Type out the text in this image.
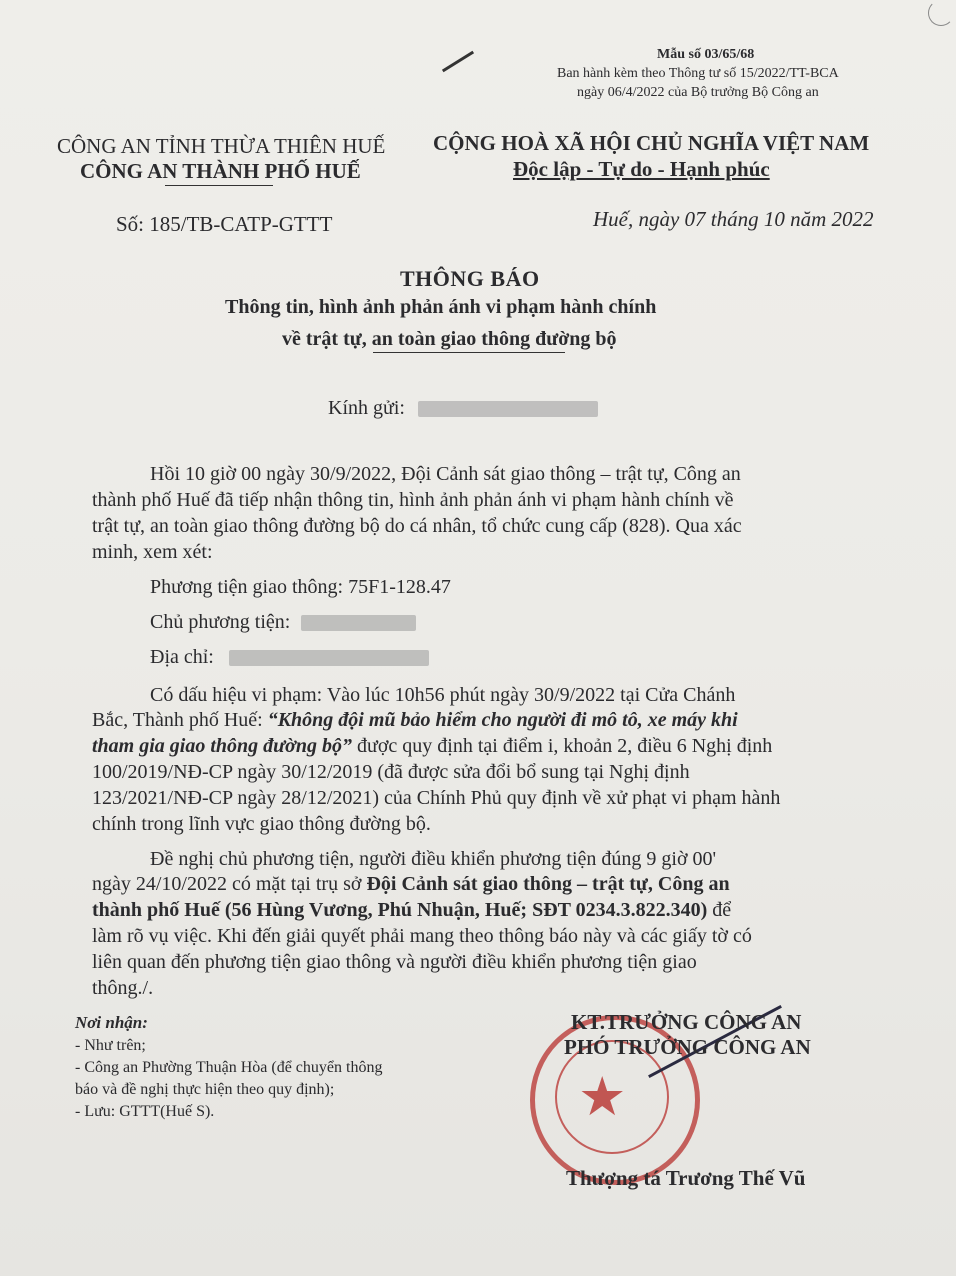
Mẫu số 03/65/68
Ban hành kèm theo Thông tư số 15/2022/TT-BCA
ngày 06/4/2022 của Bộ trưởng Bộ Công an
CÔNG AN TỈNH THỪA THIÊN HUẾ
CÔNG AN THÀNH PHỐ HUẾ
Số: 185/TB-CATP-GTTT
CỘNG HOÀ XÃ HỘI CHỦ NGHĨA VIỆT NAM
Độc lập - Tự do - Hạnh phúc
Huế, ngày 07 tháng 10 năm 2022
THÔNG BÁO
Thông tin, hình ảnh phản ánh vi phạm hành chính
về trật tự, an toàn giao thông đường bộ
Kính gửi:
Hồi 10 giờ 00 ngày 30/9/2022, Đội Cảnh sát giao thông – trật tự, Công an
thành phố Huế đã tiếp nhận thông tin, hình ảnh phản ánh vi phạm hành chính về
trật tự, an toàn giao thông đường bộ do cá nhân, tổ chức cung cấp (828). Qua xác
minh, xem xét:
Phương tiện giao thông: 75F1-128.47
Chủ phương tiện:
Địa chỉ:
Có dấu hiệu vi phạm: Vào lúc 10h56 phút ngày 30/9/2022 tại Cửa Chánh
Bắc, Thành phố Huế: “Không đội mũ bảo hiểm cho người đi mô tô, xe máy khi
tham gia giao thông đường bộ” được quy định tại điểm i, khoản 2, điều 6 Nghị định
100/2019/NĐ-CP ngày 30/12/2019 (đã được sửa đổi bổ sung tại Nghị định
123/2021/NĐ-CP ngày 28/12/2021) của Chính Phủ quy định về xử phạt vi phạm hành
chính trong lĩnh vực giao thông đường bộ.
Đề nghị chủ phương tiện, người điều khiển phương tiện đúng 9 giờ 00'
ngày 24/10/2022 có mặt tại trụ sở Đội Cảnh sát giao thông – trật tự, Công an
thành phố Huế (56 Hùng Vương, Phú Nhuận, Huế; SĐT 0234.3.822.340) để
làm rõ vụ việc. Khi đến giải quyết phải mang theo thông báo này và các giấy tờ có
liên quan đến phương tiện giao thông và người điều khiển phương tiện giao
thông./.
Nơi nhận:
- Như trên;
- Công an Phường Thuận Hòa (để chuyển thông
báo và đề nghị thực hiện theo quy định);
- Lưu: GTTT(Huế S).	★
KT.TRƯỞNG CÔNG AN
PHÓ TRƯỞNG CÔNG AN
Thượng tá Trương Thế Vũ
